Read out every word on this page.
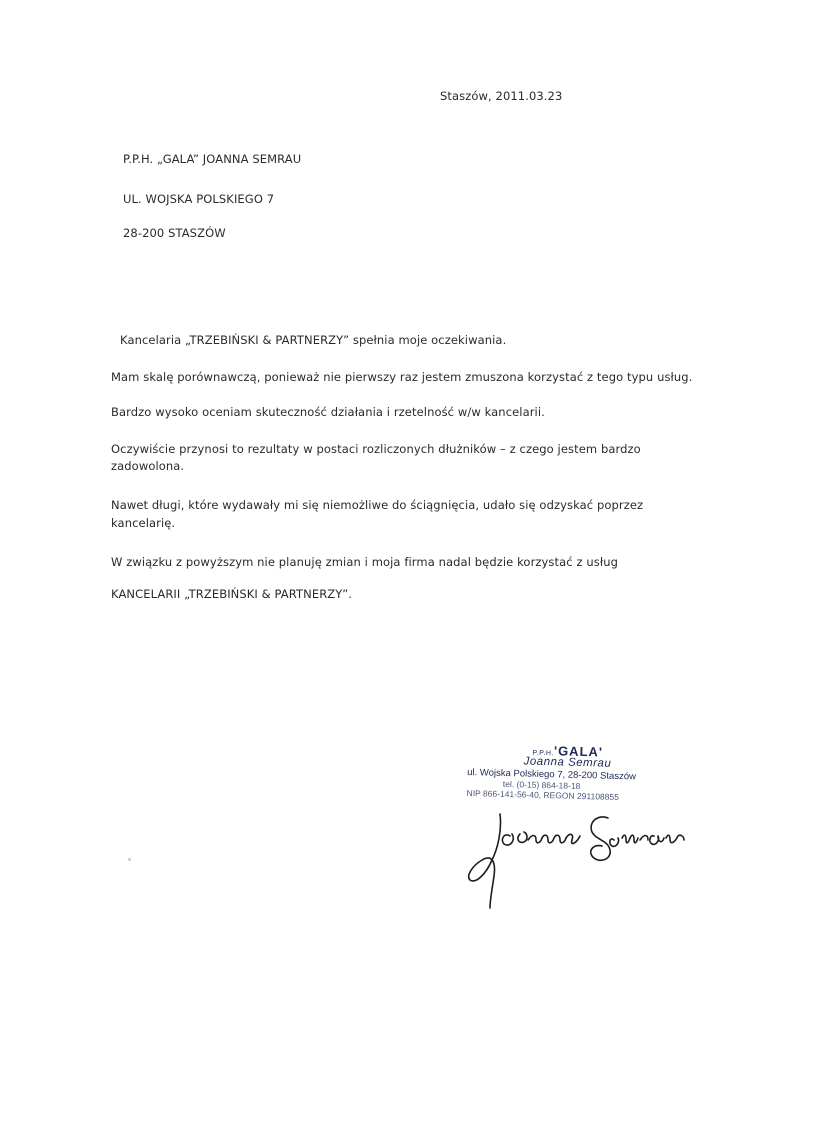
Staszów, 2011.03.23
P.P.H. „GALA” JOANNA SEMRAU
UL. WOJSKA POLSKIEGO 7
28-200 STASZÓW
Kancelaria „TRZEBIŃSKI & PARTNERZY” spełnia moje oczekiwania.
Mam skalę porównawczą, ponieważ nie pierwszy raz jestem zmuszona korzystać z tego typu usług.
Bardzo wysoko oceniam skuteczność działania i rzetelność w/w kancelarii.
Oczywiście przynosi to rezultaty w postaci rozliczonych dłużników – z czego jestem bardzo
zadowolona.
Nawet długi, które wydawały mi się niemożliwe do ściągnięcia, udało się odzyskać poprzez
kancelarię.
W związku z powyższym nie planuję zmian i moja firma nadal będzie korzystać z usług
KANCELARII „TRZEBIŃSKI & PARTNERZY”.
P.P.H.'GALA'
Joanna Semrau
ul. Wojska Polskiego 7, 28-200 Staszów
tel. (0-15) 864-18-18
NIP 866-141-56-40, REGON 291108855
